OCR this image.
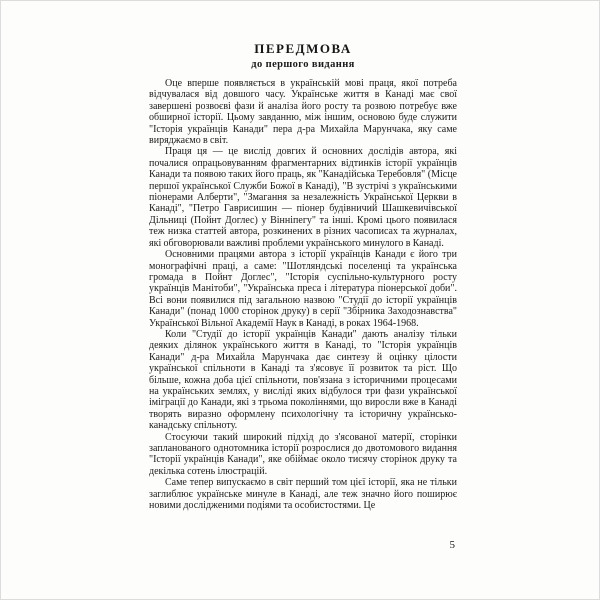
ПЕРЕДМОВА
до першого видання

Оце вперше появляється в українській мові праця, якої потреба відчувалася від довшого часу. Українське життя в Канаді має свої завершені розвоєві фази й аналіза його росту та розвою потребує вже обширної історії. Цьому завданню, між іншим, основою буде служити "Історія українців Канади" пера д-ра Михайла Марунчака, яку саме виряджаємо в світ.

Праця ця — це вислід довгих й основних дослідів автора, які почалися опрацьовуванням фрагментарних відтинків історії українців Канади та появою таких його праць, як "Канадійська Теребовля" (Місце першої української Служби Божої в Канаді), "В зустрічі з українськими піонерами Алберти", "Змагання за незалежність Української Церкви в Канаді", "Петро Гаврисишин — піонер будівничий Шашкевичівської Дільниці (Пойнт Доглес) у Вінніпегу" та інші. Кромі цього появилася теж низка статтей автора, розкинених в різних часописах та журналах, які обговорювали важливі проблеми українського минулого в Канаді.

Основними працями автора з історії українців Канади є його три монографічні праці, а саме: "Шотляндські поселенці та українська громада в Пойнт Доглес", "Історія суспільно-культурного росту українців Манітоби", "Українська преса і література піонерської доби". Всі вони появилися під загальною назвою "Студії до історії українців Канади" (понад 1000 сторінок друку) в серії "Збірника Заходознавства" Української Вільної Академії Наук в Канаді, в роках 1964-1968.

Коли "Студії до історії українців Канади" дають аналізу тільки деяких ділянок українського життя в Канаді, то "Історія українців Канади" д-ра Михайла Марунчака дає синтезу й оцінку цілости української спільноти в Канаді та з'ясовує її розвиток та ріст. Що більше, кожна доба цієї спільноти, пов'язана з історичними процесами на українських землях, у висліді яких відбулося три фази української іміграції до Канади, які з трьома поколіннями, що виросли вже в Канаді творять виразно оформлену психологічну та історичну українсько-канадську спільноту.

Стосуючи такий широкий підхід до з'ясованої матерії, сторінки запланованого однотомника історії розрослися до двотомового видання "Історії українців Канади", яке обіймає около тисячу сторінок друку та декілька сотень ілюстрацій.

Саме тепер випускаємо в світ перший том цієї історії, яка не тільки заглиблює українське минуле в Канаді, але теж значно його поширює новими дослідженими подіями та особистостями. Це

5
